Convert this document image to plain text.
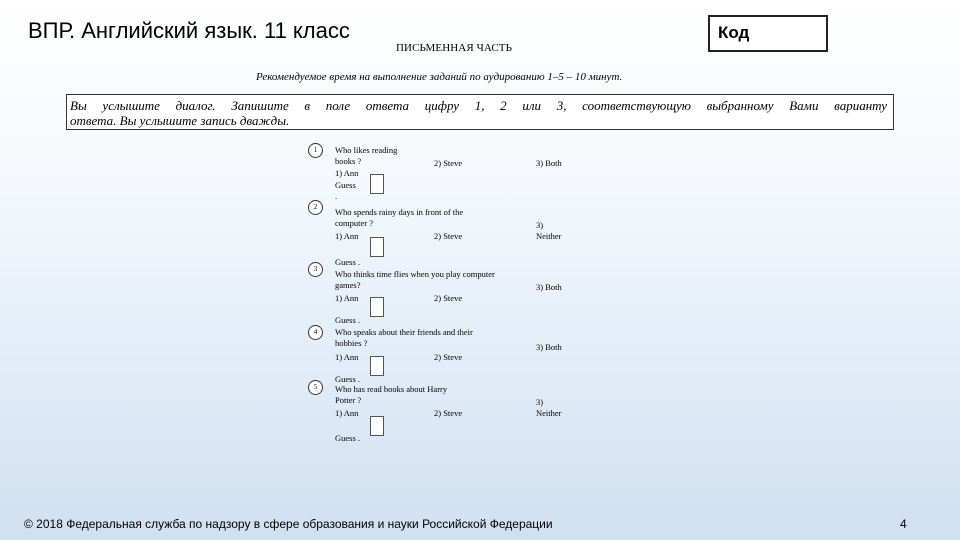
ВПР. Английский язык. 11 класс	Код
ПИСЬМЕННАЯ ЧАСТЬ
Рекомендуемое время на выполнение заданий по аудированию 1–5 – 10 минут.
Вы услышите диалог. Запишите в поле ответа цифру 1, 2 или 3, соответствующую выбранному Вами варианту
ответа. Вы услышите запись дважды.
1	Who likes reading
books ?
1) Ann
2) Steve	3) Both
Guess
.
2	Who spends rainy days in front of the
computer ?
1) Ann	2) Steve
3)
Neither
Guess .
3	Who thinks time flies when you play computer
games?
1) Ann	2) Steve
3) Both
Guess .
4	Who speaks about their friends and their
hobbies ?
1) Ann	2) Steve
3) Both
Guess .
5	Who has read books about Harry
Potter ?
1) Ann	2) Steve
3)
Neither
Guess .
© 2018 Федеральная служба по надзору в сфере образования и науки Российской Федерации	4
